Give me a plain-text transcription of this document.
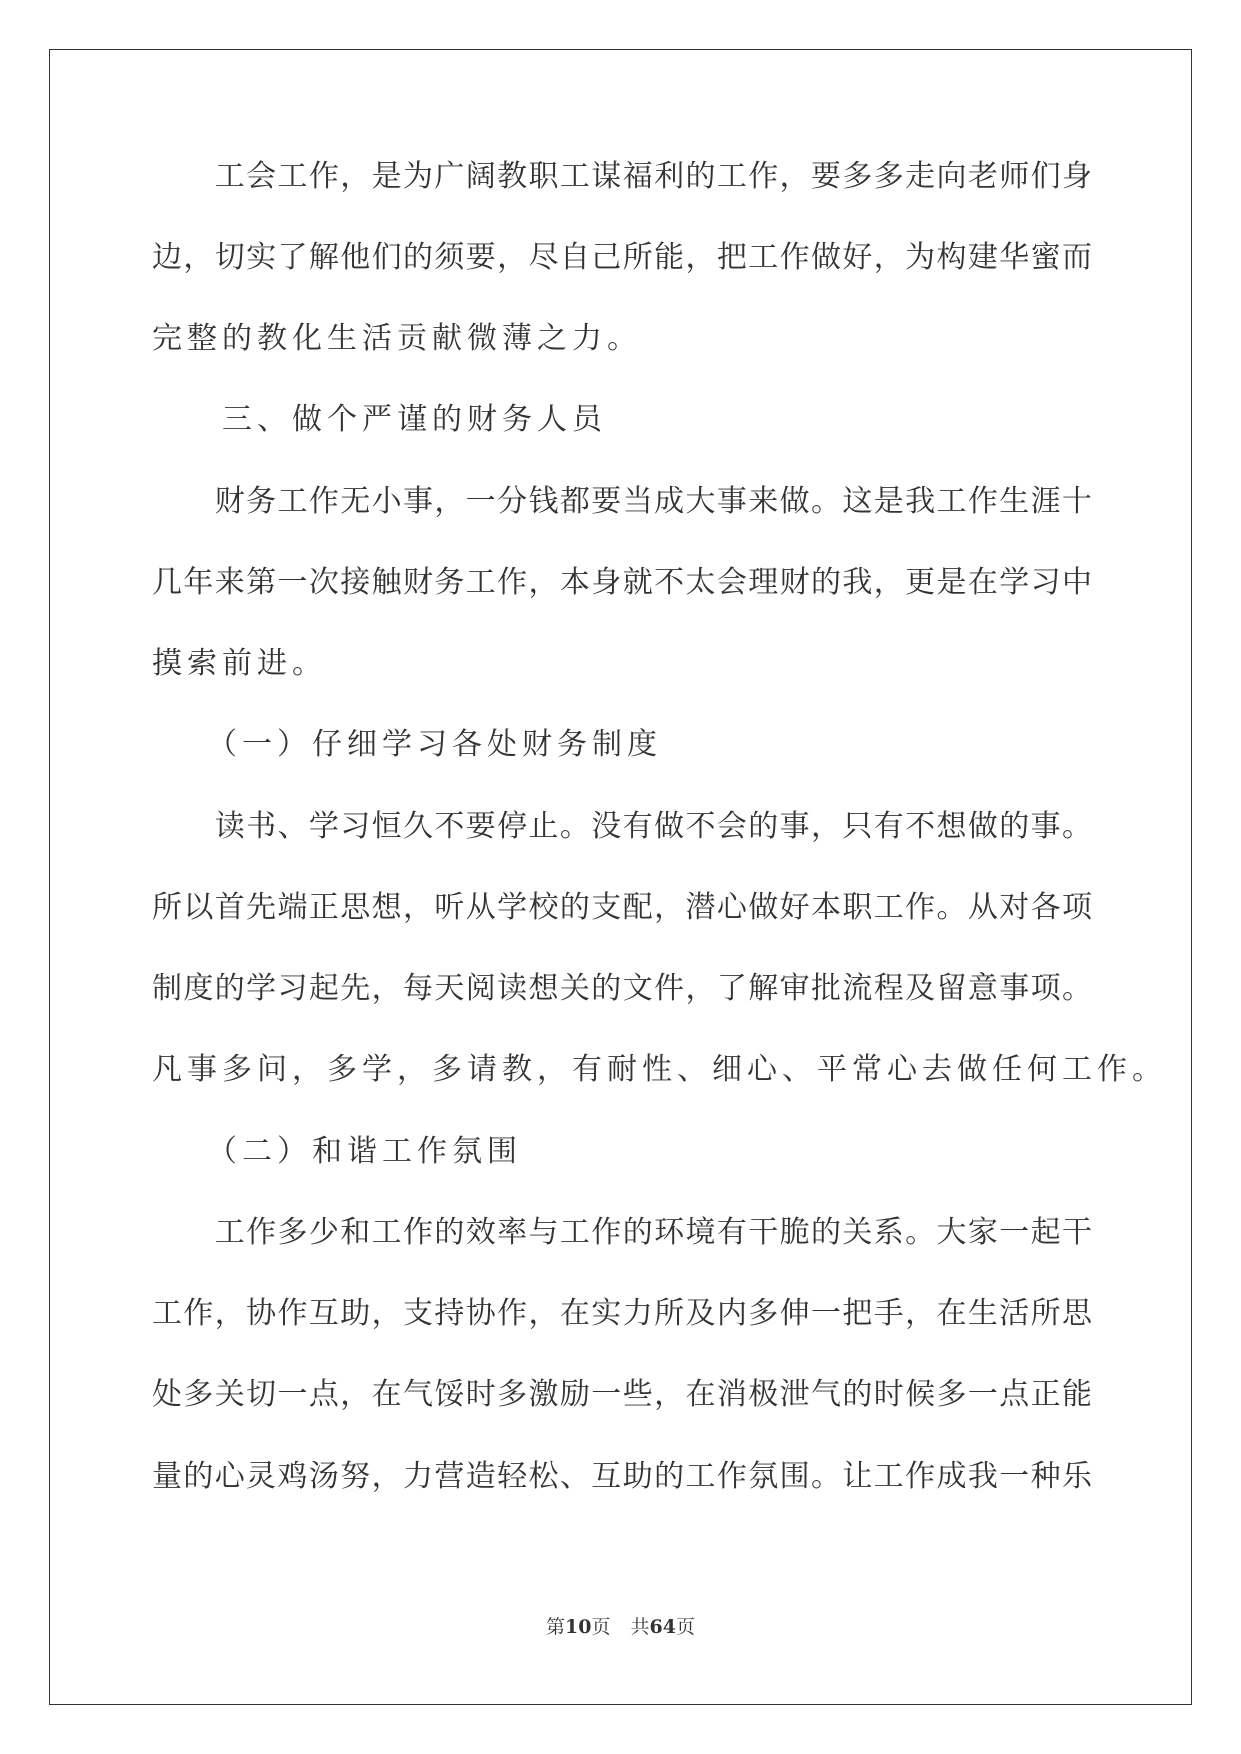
　　工会工作，是为广阔教职工谋福利的工作，要多多走向老师们身
边，切实了解他们的须要，尽自己所能，把工作做好，为构建华蜜而
完整的教化生活贡献微薄之力。
　　三、做个严谨的财务人员
　　财务工作无小事，一分钱都要当成大事来做。这是我工作生涯十
几年来第一次接触财务工作，本身就不太会理财的我，更是在学习中
摸索前进。
　　（一）仔细学习各处财务制度
　　读书、学习恒久不要停止。没有做不会的事，只有不想做的事。
所以首先端正思想，听从学校的支配，潜心做好本职工作。从对各项
制度的学习起先，每天阅读想关的文件，了解审批流程及留意事项。
凡事多问，多学，多请教，有耐性、细心、平常心去做任何工作。
　　（二）和谐工作氛围
　　工作多少和工作的效率与工作的环境有干脆的关系。大家一起干
工作，协作互助，支持协作，在实力所及内多伸一把手，在生活所思
处多关切一点，在气馁时多激励一些，在消极泄气的时候多一点正能
量的心灵鸡汤努，力营造轻松、互助的工作氛围。让工作成我一种乐
第10页 共64页
